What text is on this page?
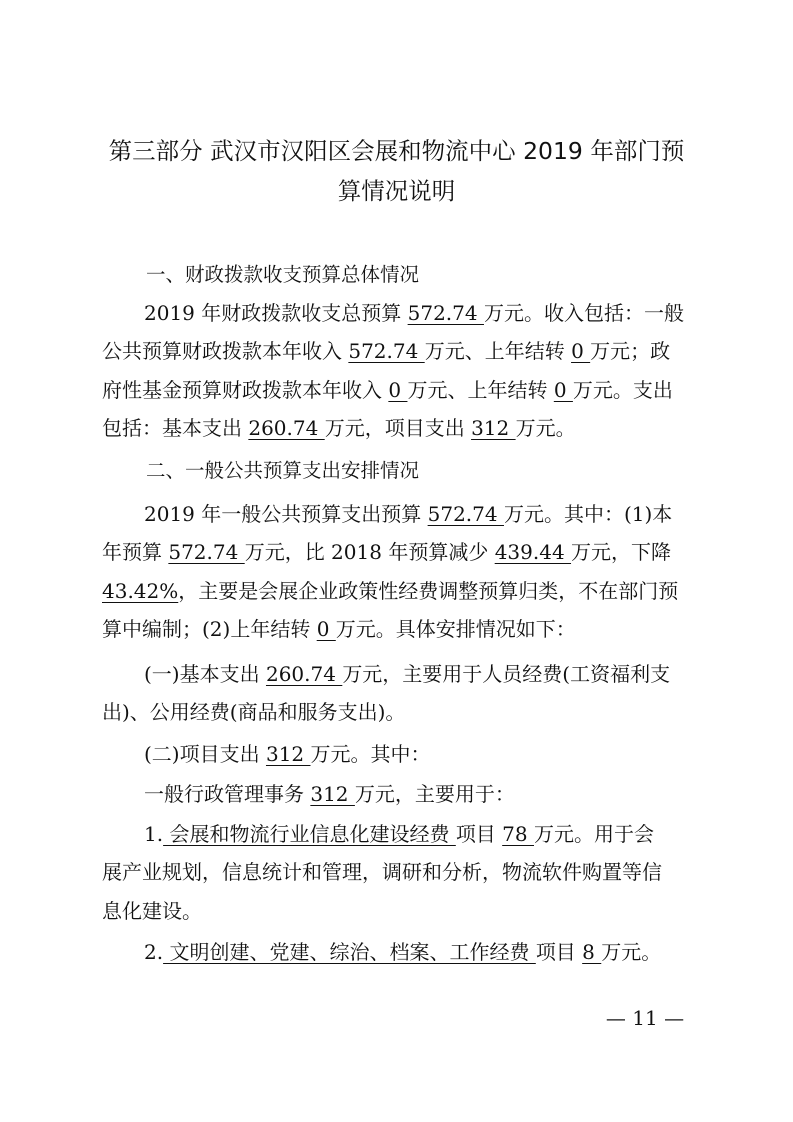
第三部分 武汉市汉阳区会展和物流中心 2019 年部门预
算情况说明
一、财政拨款收支预算总体情况
2019 年财政拨款收支总预算 572.74 万元。收入包括：一般
公共预算财政拨款本年收入 572.74 万元、上年结转 0 万元；政
府性基金预算财政拨款本年收入 0 万元、上年结转 0 万元。支出
包括：基本支出 260.74 万元，项目支出 312 万元。
二、一般公共预算支出安排情况
2019 年一般公共预算支出预算 572.74 万元。其中：(1)本
年预算 572.74 万元，比 2018 年预算减少 439.44 万元，下降
43.42%，主要是会展企业政策性经费调整预算归类，不在部门预
算中编制；(2)上年结转 0 万元。具体安排情况如下：
(一)基本支出 260.74 万元，主要用于人员经费(工资福利支
出)、公用经费(商品和服务支出)。
(二)项目支出 312 万元。其中：
一般行政管理事务 312 万元，主要用于：
1. 会展和物流行业信息化建设经费 项目 78 万元。用于会
展产业规划，信息统计和管理，调研和分析，物流软件购置等信
息化建设。
2. 文明创建、党建、综治、档案、工作经费 项目 8 万元。
— 11 —
